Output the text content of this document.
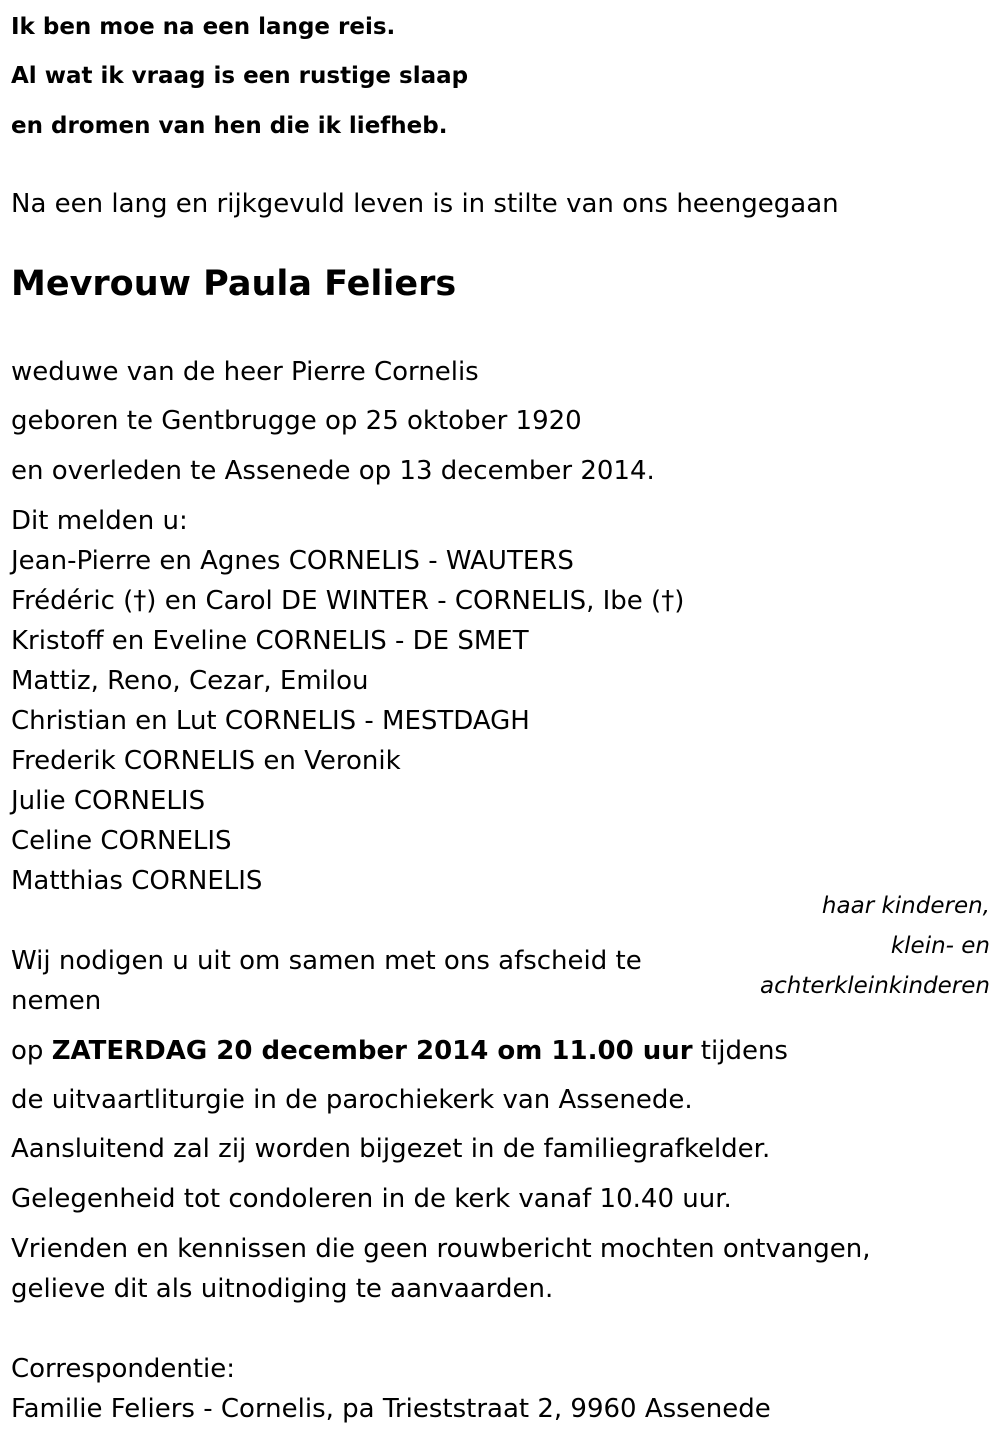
Ik ben moe na een lange reis.

Al wat ik vraag is een rustige slaap

en dromen van hen die ik liefheb.

Na een lang en rijkgevuld leven is in stilte van ons heengegaan

Mevrouw Paula Feliers

weduwe van de heer Pierre Cornelis

geboren te Gentbrugge op 25 oktober 1920

en overleden te Assenede op 13 december 2014.

Dit melden u:

Jean-Pierre en Agnes CORNELIS - WAUTERS

Frédéric (†) en Carol DE WINTER - CORNELIS, Ibe (†)

Kristoff en Eveline CORNELIS - DE SMET

Mattiz, Reno, Cezar, Emilou

Christian en Lut CORNELIS - MESTDAGH

Frederik CORNELIS en Veronik

Julie CORNELIS

Celine CORNELIS

Matthias CORNELIS

haar kinderen,
klein- en
achterkleinkinderen

Wij nodigen u uit om samen met ons afscheid te

nemen

op ZATERDAG 20 december 2014 om 11.00 uur tijdens

de uitvaartliturgie in de parochiekerk van Assenede.

Aansluitend zal zij worden bijgezet in de familiegrafkelder.

Gelegenheid tot condoleren in de kerk vanaf 10.40 uur.

Vrienden en kennissen die geen rouwbericht mochten ontvangen,

gelieve dit als uitnodiging te aanvaarden.

Correspondentie:

Familie Feliers - Cornelis, pa Trieststraat 2, 9960 Assenede
